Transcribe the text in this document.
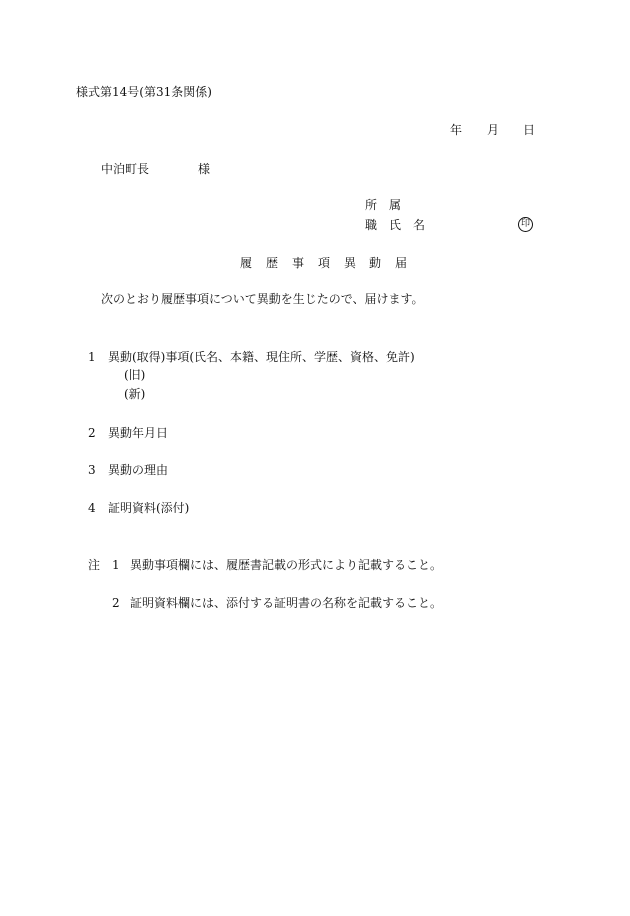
様式第14号(第31条関係)
年 月 日
中泊町長	様
所 属
職 氏 名	印
履 歴 事 項 異 動 届
次のとおり履歴事項について異動を生じたので、届けます。
1 異動(取得)事項(氏名、本籍、現住所、学歴、資格、免許)
(旧)
(新)
2 異動年月日
3 異動の理由
4 証明資料(添付)
注 1 異動事項欄には、履歴書記載の形式により記載すること。
2 証明資料欄には、添付する証明書の名称を記載すること。
